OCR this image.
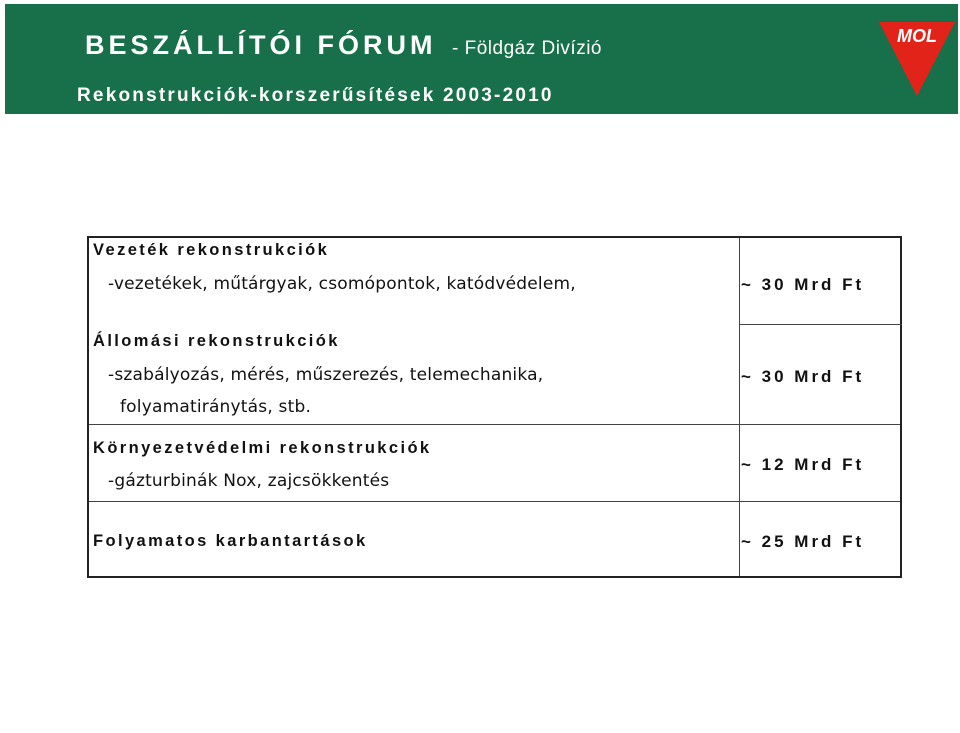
BESZÁLLÍTÓI FÓRUM - Földgáz Divízió
Rekonstrukciók-korszerűsítések 2003-2010
MOL
Vezeték rekonstrukciók
-vezetékek, műtárgyak, csomópontok, katódvédelem,	~ 30 Mrd Ft
Állomási rekonstrukciók
-szabályozás, mérés, műszerezés, telemechanika,
folyamatiránytás, stb.
~ 30 Mrd Ft
Környezetvédelmi rekonstrukciók
-gázturbinák Nox, zajcsökkentés
~ 12 Mrd Ft
Folyamatos karbantartások	~ 25 Mrd Ft
